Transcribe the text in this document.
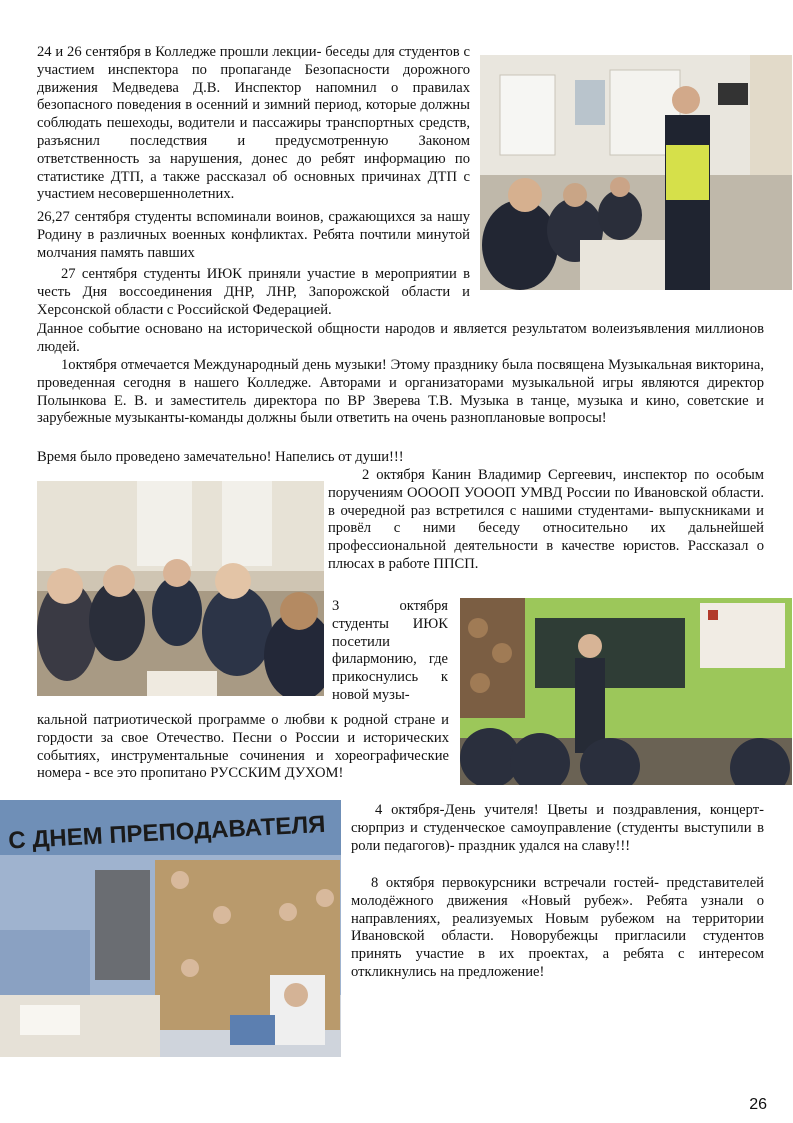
24 и 26 сентября в Колледже прошли лекции- беседы для студентов с участием инспектора по пропаганде Безопасности дорожного движения Медведева Д.В. Инспектор напомнил о правилах безопасного поведения в осенний и зимний период, которые должны соблюдать пешеходы, водители и пассажиры транспортных средств, разъяснил последствия и предусмотренную Законом ответственность за нарушения, донес до ребят информацию по статистике ДТП, а также рассказал об основных причинах ДТП с участием несовершеннолетних.

26,27 сентября студенты вспоминали воинов, сражающихся за нашу Родину в различных военных конфликтах. Ребята почтили минутой молчания память павших

27 сентября студенты ИЮК приняли участие в мероприятии в честь Дня воссоединения ДНР, ЛНР, Запорожской области и Херсонской области с Российской Федерацией.

Данное событие основано на исторической общности народов и является результатом волеизъявления миллионов людей.

1октября отмечается Международный день музыки! Этому празднику была посвящена Музыкальная викторина, проведенная сегодня в нашего Колледже. Авторами и организаторами музыкальной игры являются директор Полынкова Е. В. и заместитель директора по ВР Зверева Т.В. Музыка в танце, музыка и кино, советские и зарубежные музыканты-команды должны были ответить на очень разноплановые вопросы!

Время было проведено замечательно! Напелись от души!!!

2 октября Канин Владимир Сергеевич, инспектор по особым поручениям ООООП УОООП УМВД России по Ивановской области. в очередной раз встретился с нашими студентами- выпускниками и провёл с ними беседу относительно их дальнейшей профессиональной деятельности в качестве юристов. Рассказал о плюсах в работе ППСП.

3 октября студенты ИЮК посетили филармонию, где прикоснулись к новой музы-

кальной патриотической программе о любви к родной стране и гордости за свое Отечество. Песни о России и исторических событиях, инструментальные сочинения и хореографические номера - все это пропитано РУССКИМ ДУХОМ!

4 октября-День учителя! Цветы и поздравления, концерт- сюрприз и студенческое самоуправление (студенты выступили в роли педагогов)- праздник удался на славу!!!

8 октября первокурсники встречали гостей- представителей молодёжного движения «Новый рубеж». Ребята узнали о направлениях, реализуемых Новым рубежом на территории Ивановской области. Новорубежцы пригласили студентов принять участие в их проектах, а ребята с интересом откликнулись на предложение!

С ДНЕМ ПРЕПОДАВАТЕЛЯ
26
